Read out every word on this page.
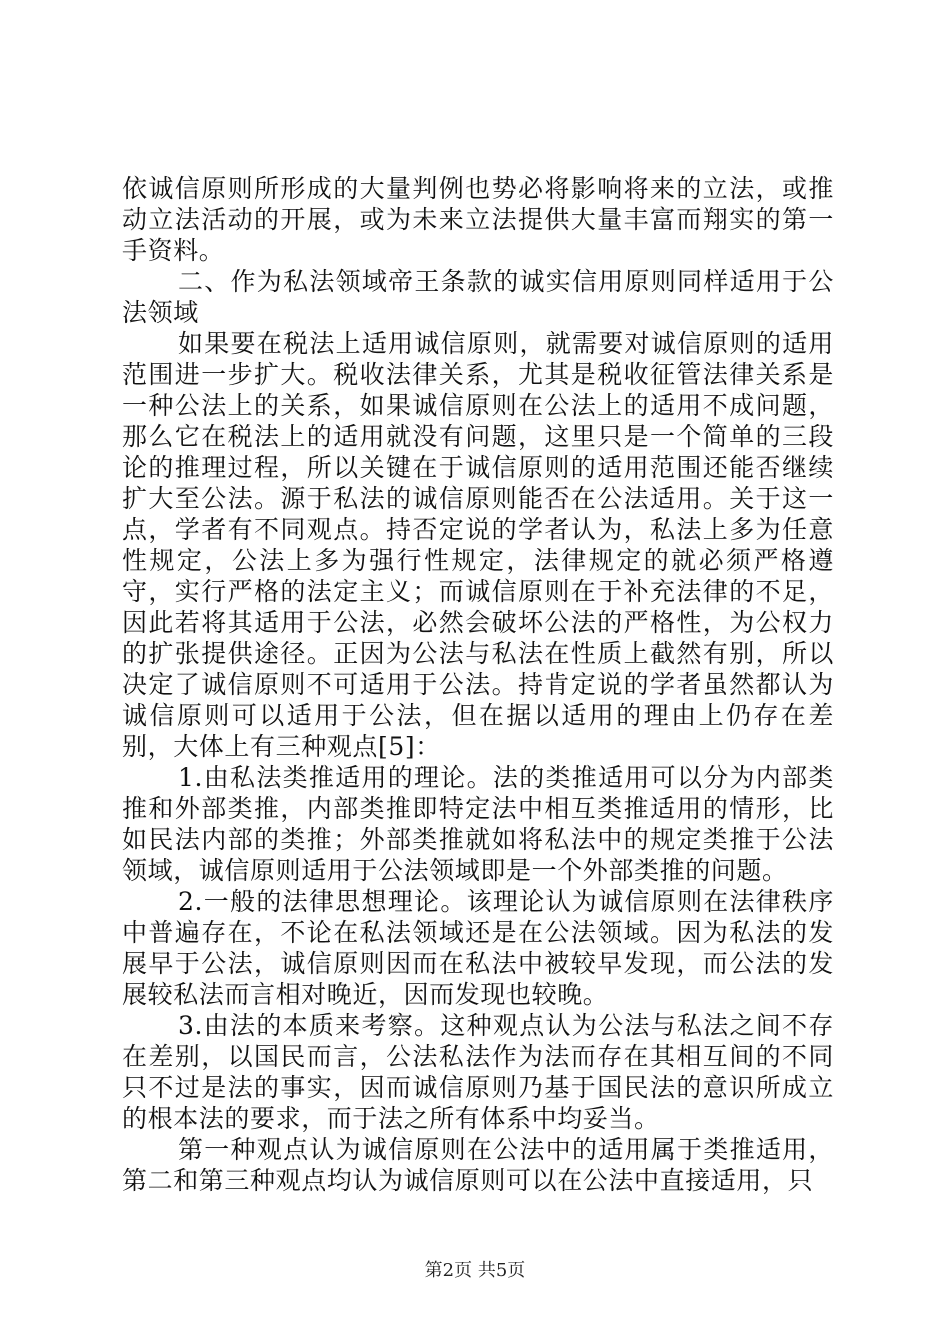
依诚信原则所形成的大量判例也势必将影响将来的立法，或推动立法活动的开展，或为未来立法提供大量丰富而翔实的第一手资料。

二、作为私法领域帝王条款的诚实信用原则同样适用于公法领域

如果要在税法上适用诚信原则，就需要对诚信原则的适用范围进一步扩大。税收法律关系，尤其是税收征管法律关系是一种公法上的关系，如果诚信原则在公法上的适用不成问题，那么它在税法上的适用就没有问题，这里只是一个简单的三段论的推理过程，所以关键在于诚信原则的适用范围还能否继续扩大至公法。源于私法的诚信原则能否在公法适用。关于这一点，学者有不同观点。持否定说的学者认为，私法上多为任意性规定，公法上多为强行性规定，法律规定的就必须严格遵守，实行严格的法定主义；而诚信原则在于补充法律的不足，因此若将其适用于公法，必然会破坏公法的严格性，为公权力的扩张提供途径。正因为公法与私法在性质上截然有别，所以决定了诚信原则不可适用于公法。持肯定说的学者虽然都认为诚信原则可以适用于公法，但在据以适用的理由上仍存在差别，大体上有三种观点[5]：

1.由私法类推适用的理论。法的类推适用可以分为内部类推和外部类推，内部类推即特定法中相互类推适用的情形，比如民法内部的类推；外部类推就如将私法中的规定类推于公法领域，诚信原则适用于公法领域即是一个外部类推的问题。

2.一般的法律思想理论。该理论认为诚信原则在法律秩序中普遍存在，不论在私法领域还是在公法领域。因为私法的发展早于公法，诚信原则因而在私法中被较早发现，而公法的发展较私法而言相对晚近，因而发现也较晚。

3.由法的本质来考察。这种观点认为公法与私法之间不存在差别，以国民而言，公法私法作为法而存在其相互间的不同只不过是法的事实，因而诚信原则乃基于国民法的意识所成立的根本法的要求，而于法之所有体系中均妥当。

第一种观点认为诚信原则在公法中的适用属于类推适用，第二和第三种观点均认为诚信原则可以在公法中直接适用，只

第2页 共5页
